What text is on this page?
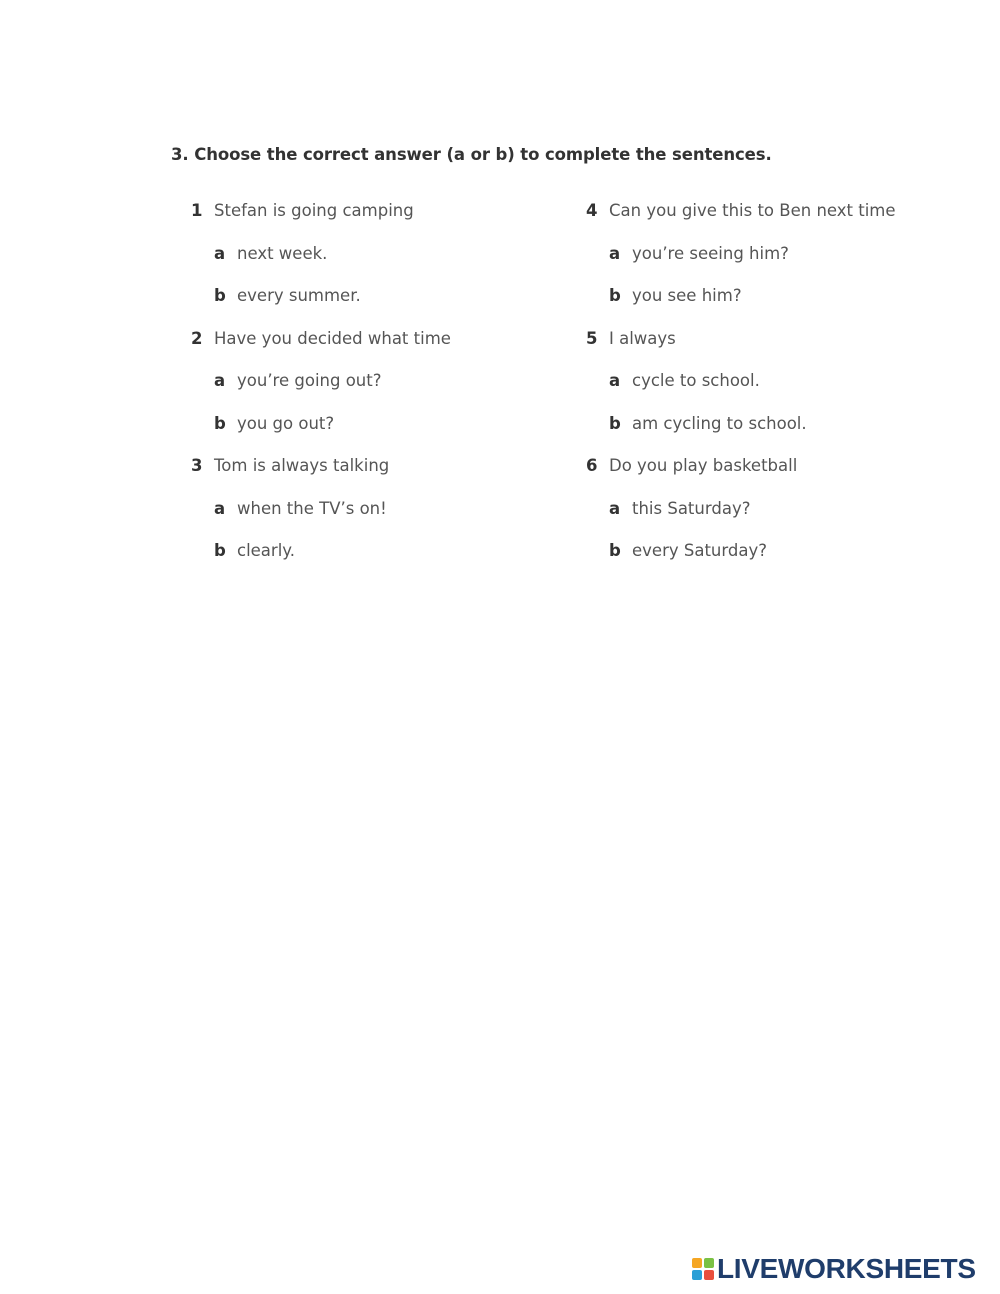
3. Choose the correct answer (a or b) to complete the sentences.
1 Stefan is going camping
a next week.
b every summer.
2 Have you decided what time
a you’re going out?
b you go out?
3 Tom is always talking
a when the TV’s on!
b clearly.
4 Can you give this to Ben next time
a you’re seeing him?
b you see him?
5 I always
a cycle to school.
b am cycling to school.
6 Do you play basketball
a this Saturday?
b every Saturday?
LIVEWORKSHEETS
